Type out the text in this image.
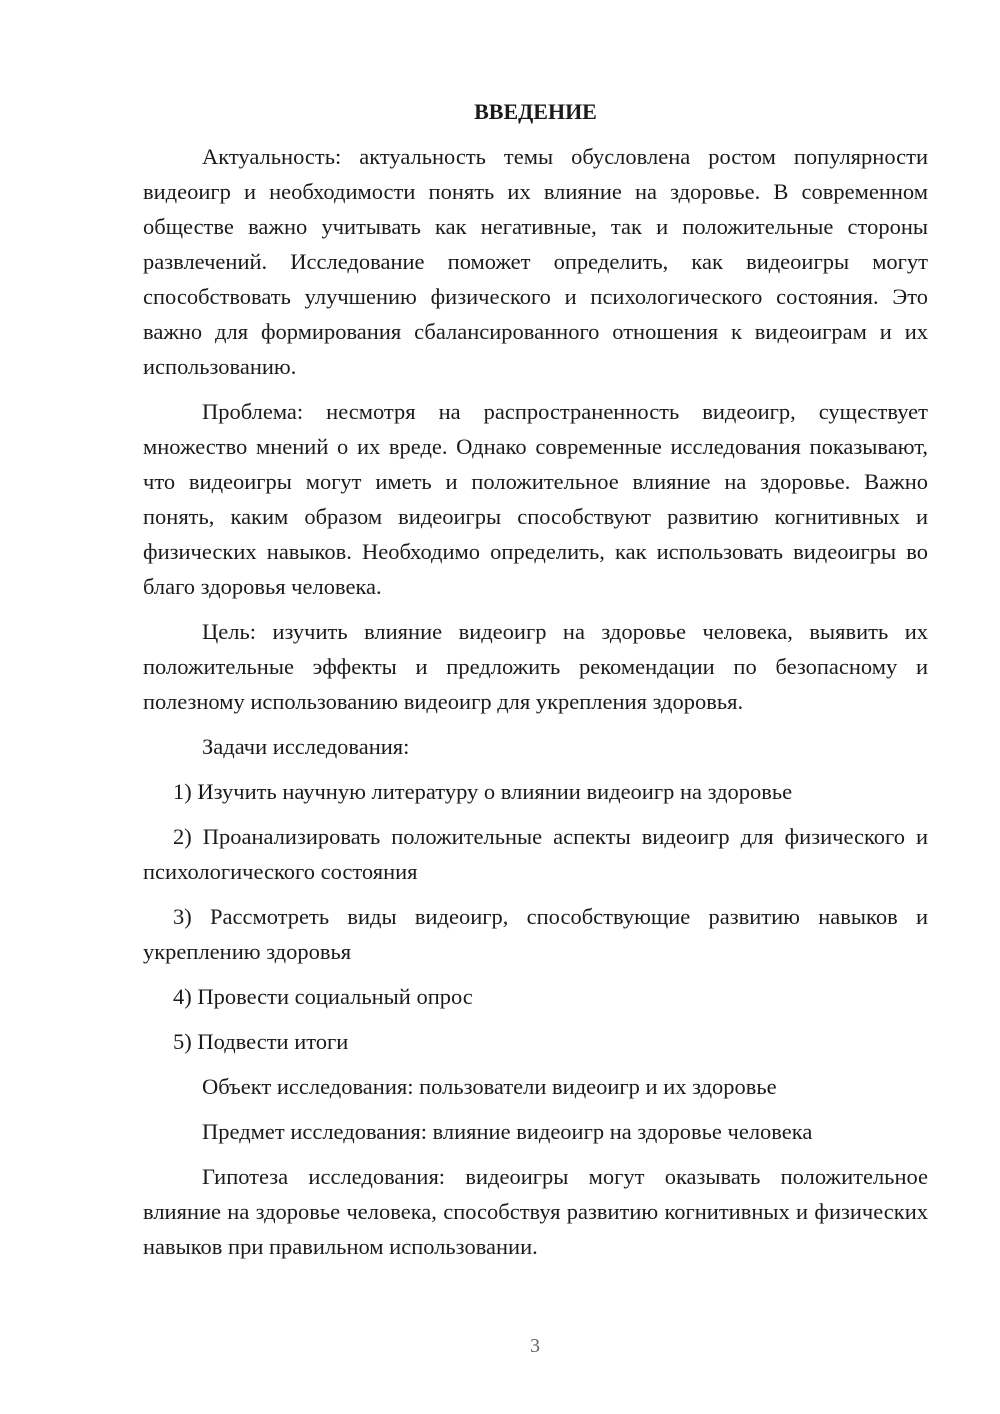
ВВЕДЕНИЕ

Актуальность: актуальность темы обусловлена ростом популярности видеоигр и необходимости понять их влияние на здоровье. В современном обществе важно учитывать как негативные, так и положительные стороны развлечений. Исследование поможет определить, как видеоигры могут способствовать улучшению физического и психологического состояния. Это важно для формирования сбалансированного отношения к видеоиграм и их использованию.

Проблема: несмотря на распространенность видеоигр, существует множество мнений о их вреде. Однако современные исследования показывают, что видеоигры могут иметь и положительное влияние на здоровье. Важно понять, каким образом видеоигры способствуют развитию когнитивных и физических навыков. Необходимо определить, как использовать видеоигры во благо здоровья человека.

Цель: изучить влияние видеоигр на здоровье человека, выявить их положительные эффекты и предложить рекомендации по безопасному и полезному использованию видеоигр для укрепления здоровья.

Задачи исследования:

1) Изучить научную литературу о влиянии видеоигр на здоровье

2) Проанализировать положительные аспекты видеоигр для физического и психологического состояния

3) Рассмотреть виды видеоигр, способствующие развитию навыков и укреплению здоровья

4) Провести социальный опрос

5) Подвести итоги

Объект исследования: пользователи видеоигр и их здоровье

Предмет исследования: влияние видеоигр на здоровье человека

Гипотеза исследования: видеоигры могут оказывать положительное влияние на здоровье человека, способствуя развитию когнитивных и физических навыков при правильном использовании.

3
